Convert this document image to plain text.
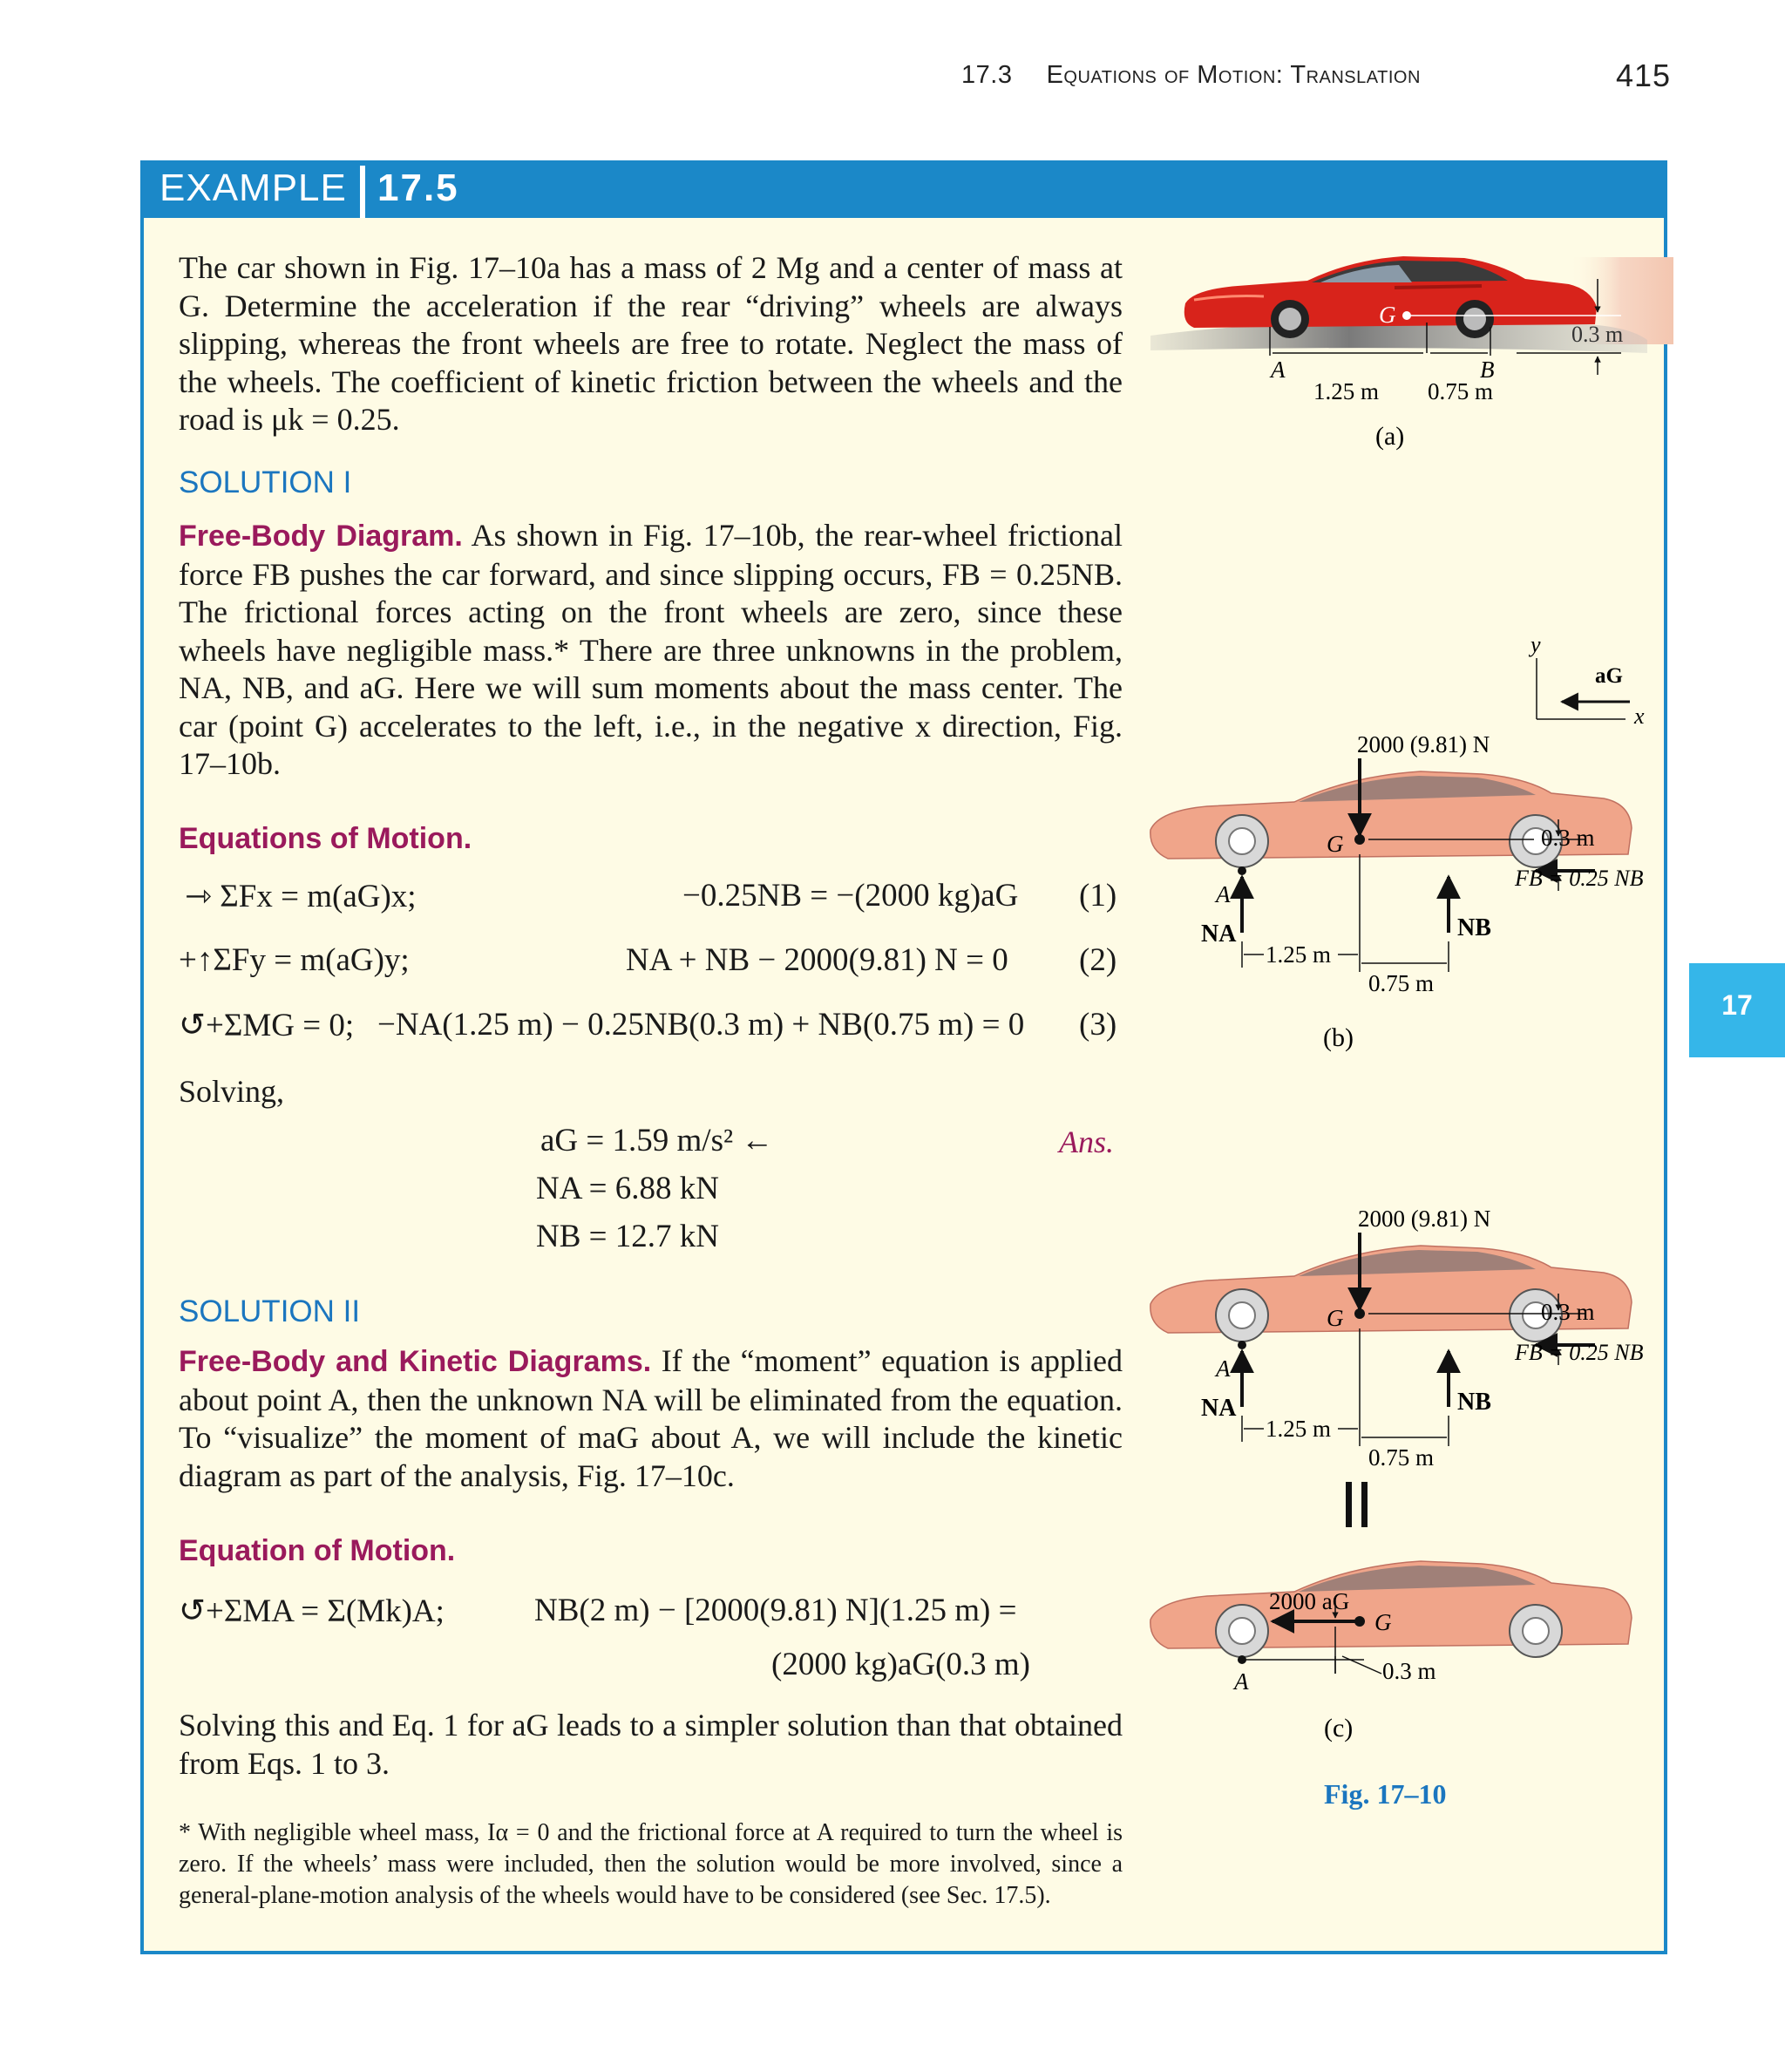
17.3 Equations of Motion: Translation	415
EXAMPLE 17.5
17
The car shown in Fig. 17–10a has a mass of 2 Mg and a center of mass at G. Determine the acceleration if the rear “driving” wheels are always slipping, whereas the front wheels are free to rotate. Neglect the mass of the wheels. The coefficient of kinetic friction between the wheels and the road is μk = 0.25.
SOLUTION I
Free-Body Diagram. As shown in Fig. 17–10b, the rear-wheel frictional force FB pushes the car forward, and since slipping occurs, FB = 0.25NB. The frictional forces acting on the front wheels are zero, since these wheels have negligible mass.* There are three unknowns in the problem, NA, NB, and aG. Here we will sum moments about the mass center. The car (point G) accelerates to the left, i.e., in the negative x direction, Fig. 17–10b.
Equations of Motion.
⇾ ΣFx = m(aG)x;	−0.25NB = −(2000 kg)aG (1)
+↑ΣFy = m(aG)y;	NA + NB − 2000(9.81) N = 0 (2)
↺+ΣMG = 0; −NA(1.25 m) − 0.25NB(0.3 m) + NB(0.75 m) = 0 (3)
Solving,
aG = 1.59 m/s² ←	Ans.
NA = 6.88 kN
NB = 12.7 kN
SOLUTION II
Free-Body and Kinetic Diagrams. If the “moment” equation is applied about point A, then the unknown NA will be eliminated from the equation. To “visualize” the moment of maG about A, we will include the kinetic diagram as part of the analysis, Fig. 17–10c.
Equation of Motion.
↺+ΣMA = Σ(Mk)A;	NB(2 m) − [2000(9.81) N](1.25 m) =
(2000 kg)aG(0.3 m)
Solving this and Eq. 1 for aG leads to a simpler solution than that obtained from Eqs. 1 to 3.
* With negligible wheel mass, Iα = 0 and the frictional force at A required to turn the wheel is zero. If the wheels’ mass were included, then the solution would be more involved, since a general-plane-motion analysis of the wheels would have to be considered (see Sec. 17.5).
G
0.3 m
A	B
1.25 m 0.75 m
(a)
2000 (9.81) N
G	0.3 m
FB = 0.25 NB
A
NA	NB
1.25 m
0.75 m
(b)
y
x
aG
2000 (9.81) N
G	0.3 m
FB = 0.25 NB
A
NA	NB
1.25 m
0.75 m
G
2000 aG
A	0.3 m
(c)
Fig. 17–10
